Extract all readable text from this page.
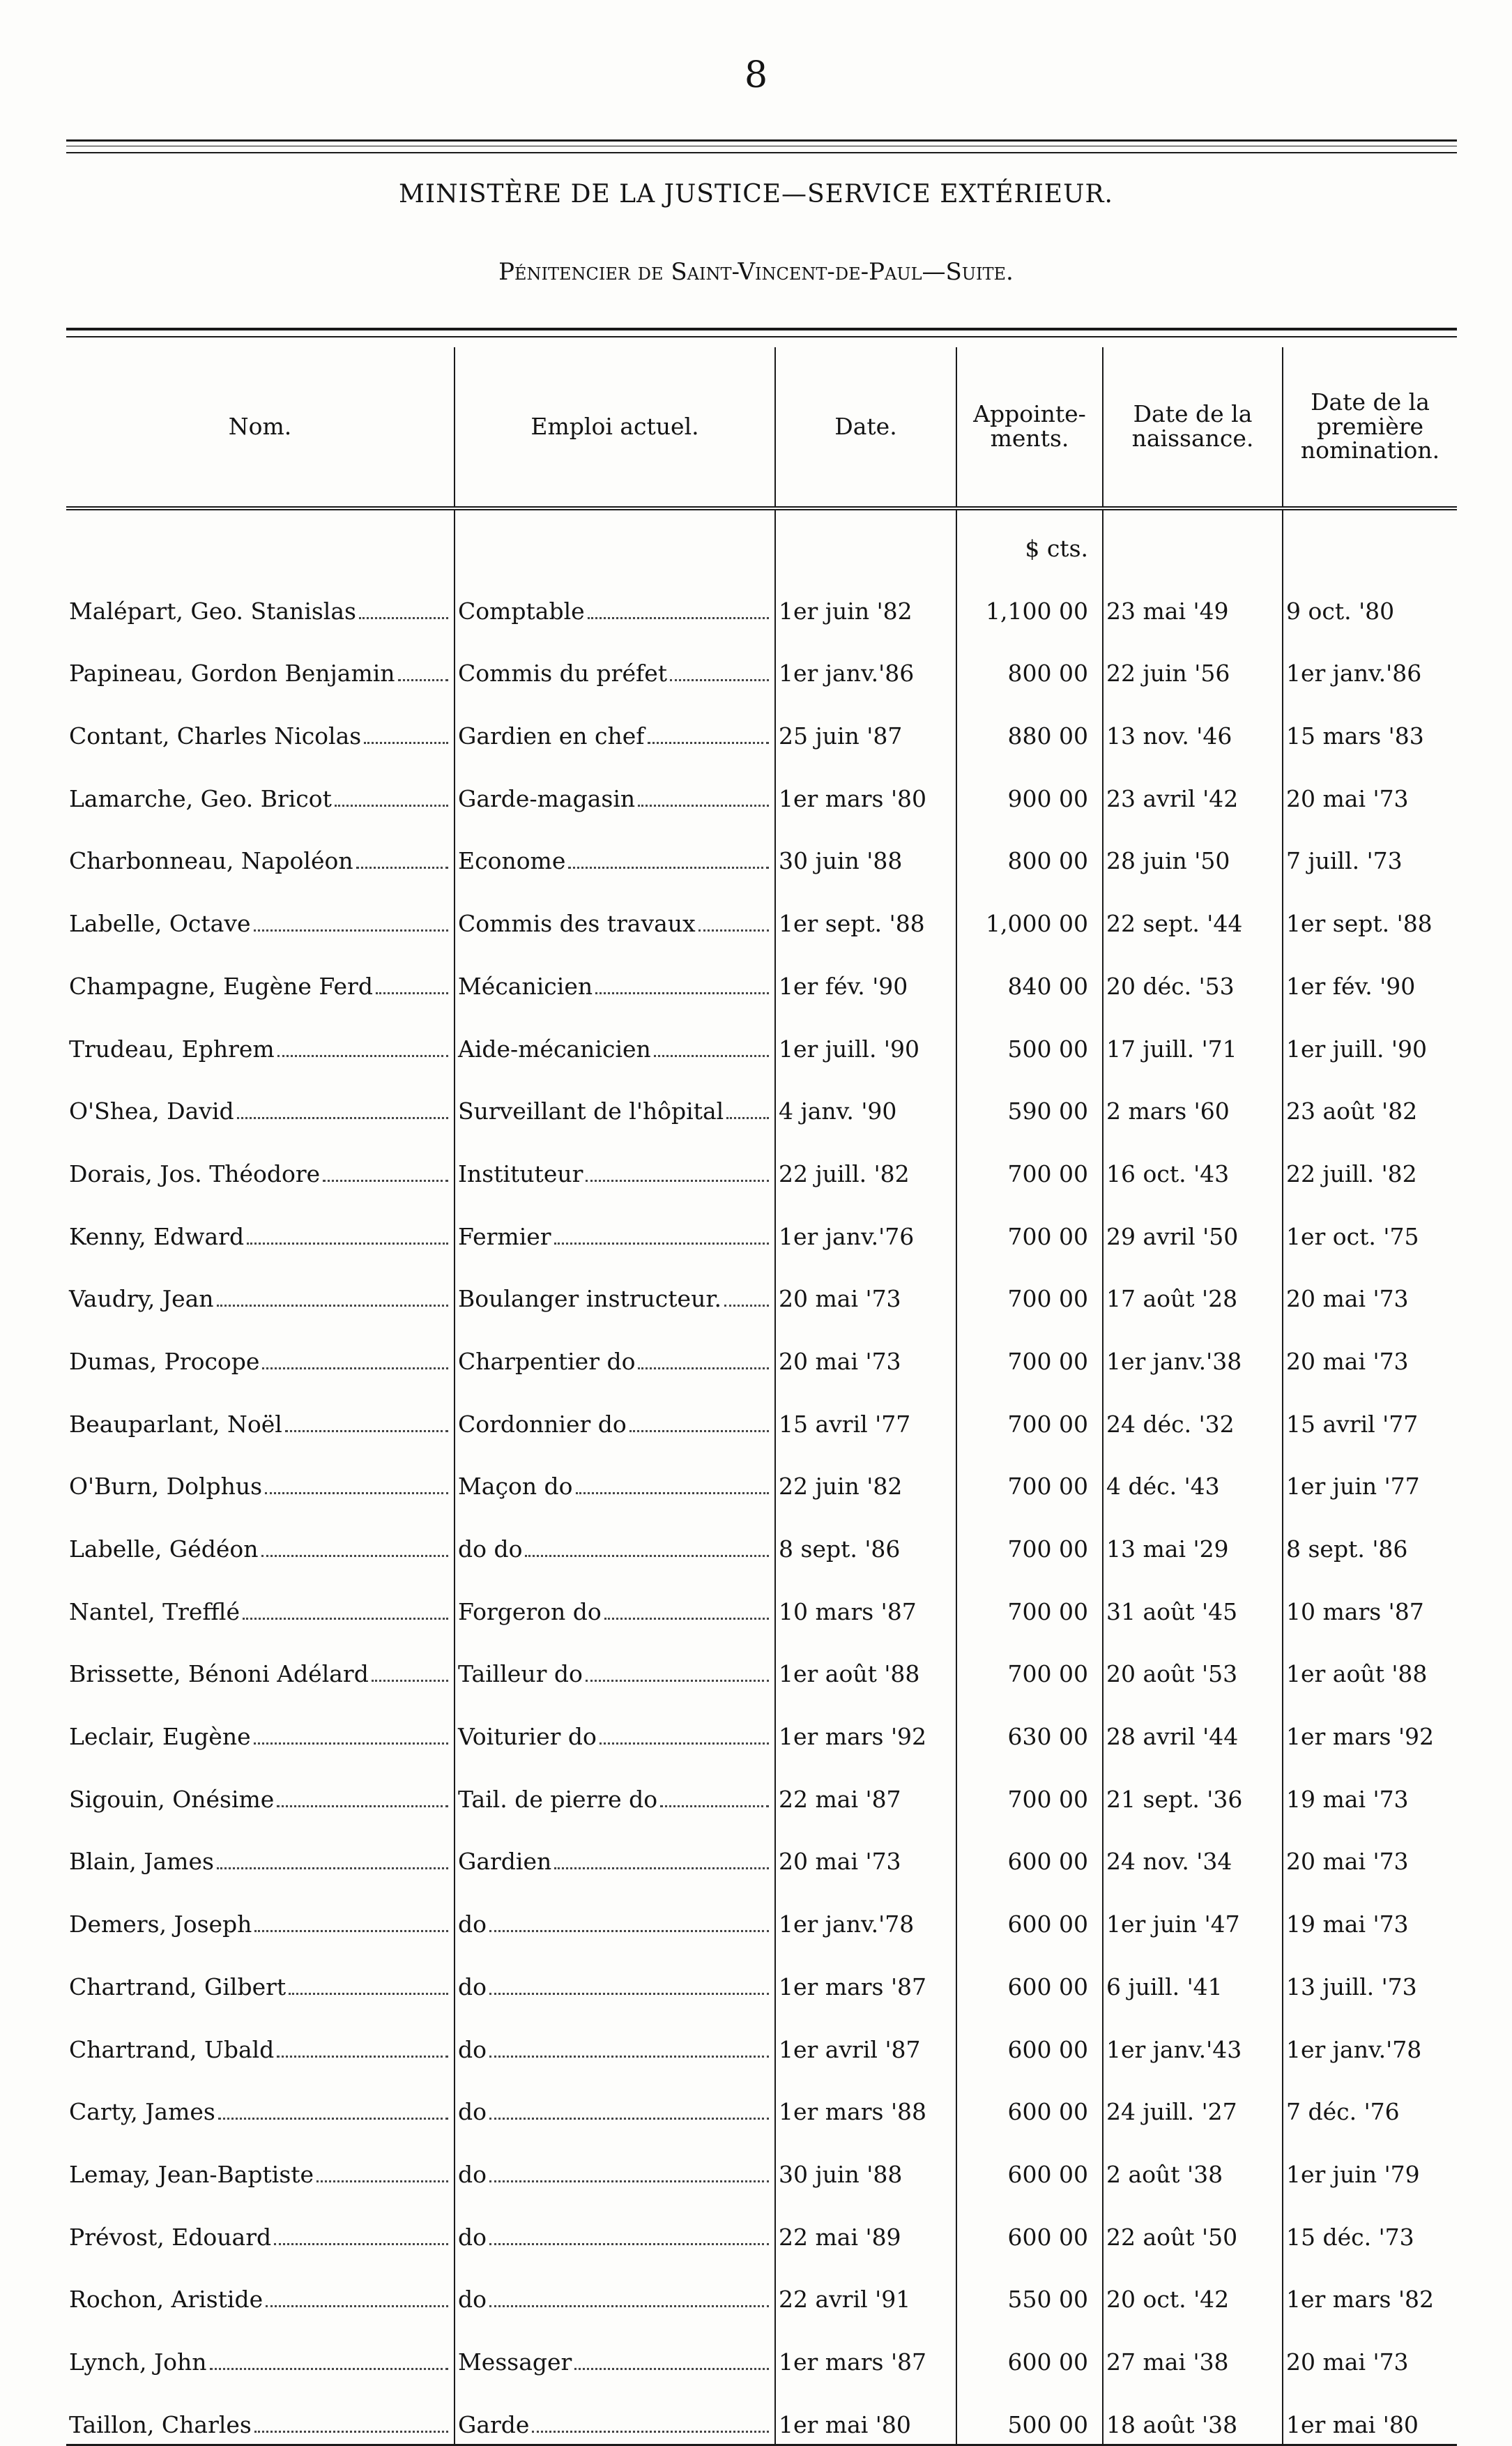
8
MINISTÈRE DE LA JUSTICE—SERVICE EXTÉRIEUR.
Pénitencier de Saint-Vincent-de-Paul—Suite.
Nom.	Emploi actuel.	Date.	Appointe-ments.	Date de la naissance.	Date de la première nomination.
			$ cts.		

Malépart, Geo. Stanislas	Comptable	1er juin '82	1,100 00	23 mai '49	9 oct. '80

Papineau, Gordon Benjamin	Commis du préfet	1er janv.'86	800 00	22 juin '56	1er janv.'86

Contant, Charles Nicolas	Gardien en chef	25 juin '87	880 00	13 nov. '46	15 mars '83

Lamarche, Geo. Bricot	Garde-magasin	1er mars '80	900 00	23 avril '42	20 mai '73

Charbonneau, Napoléon	Econome	30 juin '88	800 00	28 juin '50	7 juill. '73

Labelle, Octave	Commis des travaux	1er sept. '88	1,000 00	22 sept. '44	1er sept. '88

Champagne, Eugène Ferd	Mécanicien	1er fév. '90	840 00	20 déc. '53	1er fév. '90

Trudeau, Ephrem	Aide-mécanicien	1er juill. '90	500 00	17 juill. '71	1er juill. '90

O'Shea, David	Surveillant de l'hôpital	4 janv. '90	590 00	2 mars '60	23 août '82

Dorais, Jos. Théodore	Instituteur	22 juill. '82	700 00	16 oct. '43	22 juill. '82

Kenny, Edward	Fermier	1er janv.'76	700 00	29 avril '50	1er oct. '75

Vaudry, Jean	Boulanger instructeur.	20 mai '73	700 00	17 août '28	20 mai '73

Dumas, Procope	Charpentier do	20 mai '73	700 00	1er janv.'38	20 mai '73

Beauparlant, Noël	Cordonnier do	15 avril '77	700 00	24 déc. '32	15 avril '77

O'Burn, Dolphus	Maçon do	22 juin '82	700 00	4 déc. '43	1er juin '77

Labelle, Gédéon	do do	8 sept. '86	700 00	13 mai '29	8 sept. '86

Nantel, Trefflé	Forgeron do	10 mars '87	700 00	31 août '45	10 mars '87

Brissette, Bénoni Adélard	Tailleur do	1er août '88	700 00	20 août '53	1er août '88

Leclair, Eugène	Voiturier do	1er mars '92	630 00	28 avril '44	1er mars '92

Sigouin, Onésime	Tail. de pierre do	22 mai '87	700 00	21 sept. '36	19 mai '73

Blain, James	Gardien	20 mai '73	600 00	24 nov. '34	20 mai '73

Demers, Joseph	do	1er janv.'78	600 00	1er juin '47	19 mai '73

Chartrand, Gilbert	do	1er mars '87	600 00	6 juill. '41	13 juill. '73

Chartrand, Ubald	do	1er avril '87	600 00	1er janv.'43	1er janv.'78

Carty, James	do	1er mars '88	600 00	24 juill. '27	7 déc. '76

Lemay, Jean-Baptiste	do	30 juin '88	600 00	2 août '38	1er juin '79

Prévost, Edouard	do	22 mai '89	600 00	22 août '50	15 déc. '73

Rochon, Aristide	do	22 avril '91	550 00	20 oct. '42	1er mars '82

Lynch, John	Messager	1er mars '87	600 00	27 mai '38	20 mai '73

Taillon, Charles	Garde	1er mai '80	500 00	18 août '38	1er mai '80
